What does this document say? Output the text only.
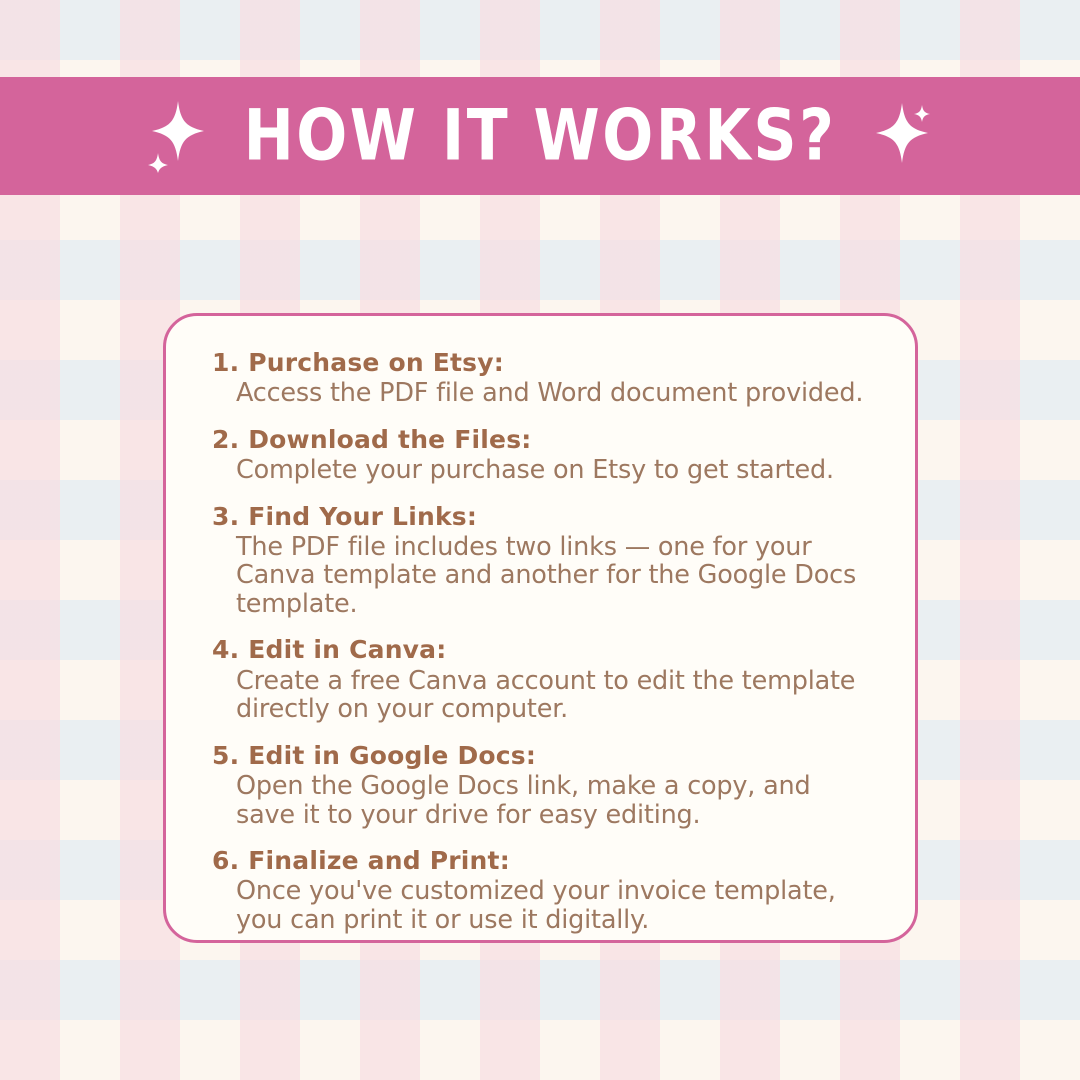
HOW IT WORKS?
1. Purchase on Etsy:
Access the PDF file and Word document provided.
2. Download the Files:
Complete your purchase on Etsy to get started.
3. Find Your Links:
The PDF file includes two links — one for your Canva template and another for the Google Docs template.
4. Edit in Canva:
Create a free Canva account to edit the template directly on your computer.
5. Edit in Google Docs:
Open the Google Docs link, make a copy, and save it to your drive for easy editing.
6. Finalize and Print:
Once you've customized your invoice template, you can print it or use it digitally.
